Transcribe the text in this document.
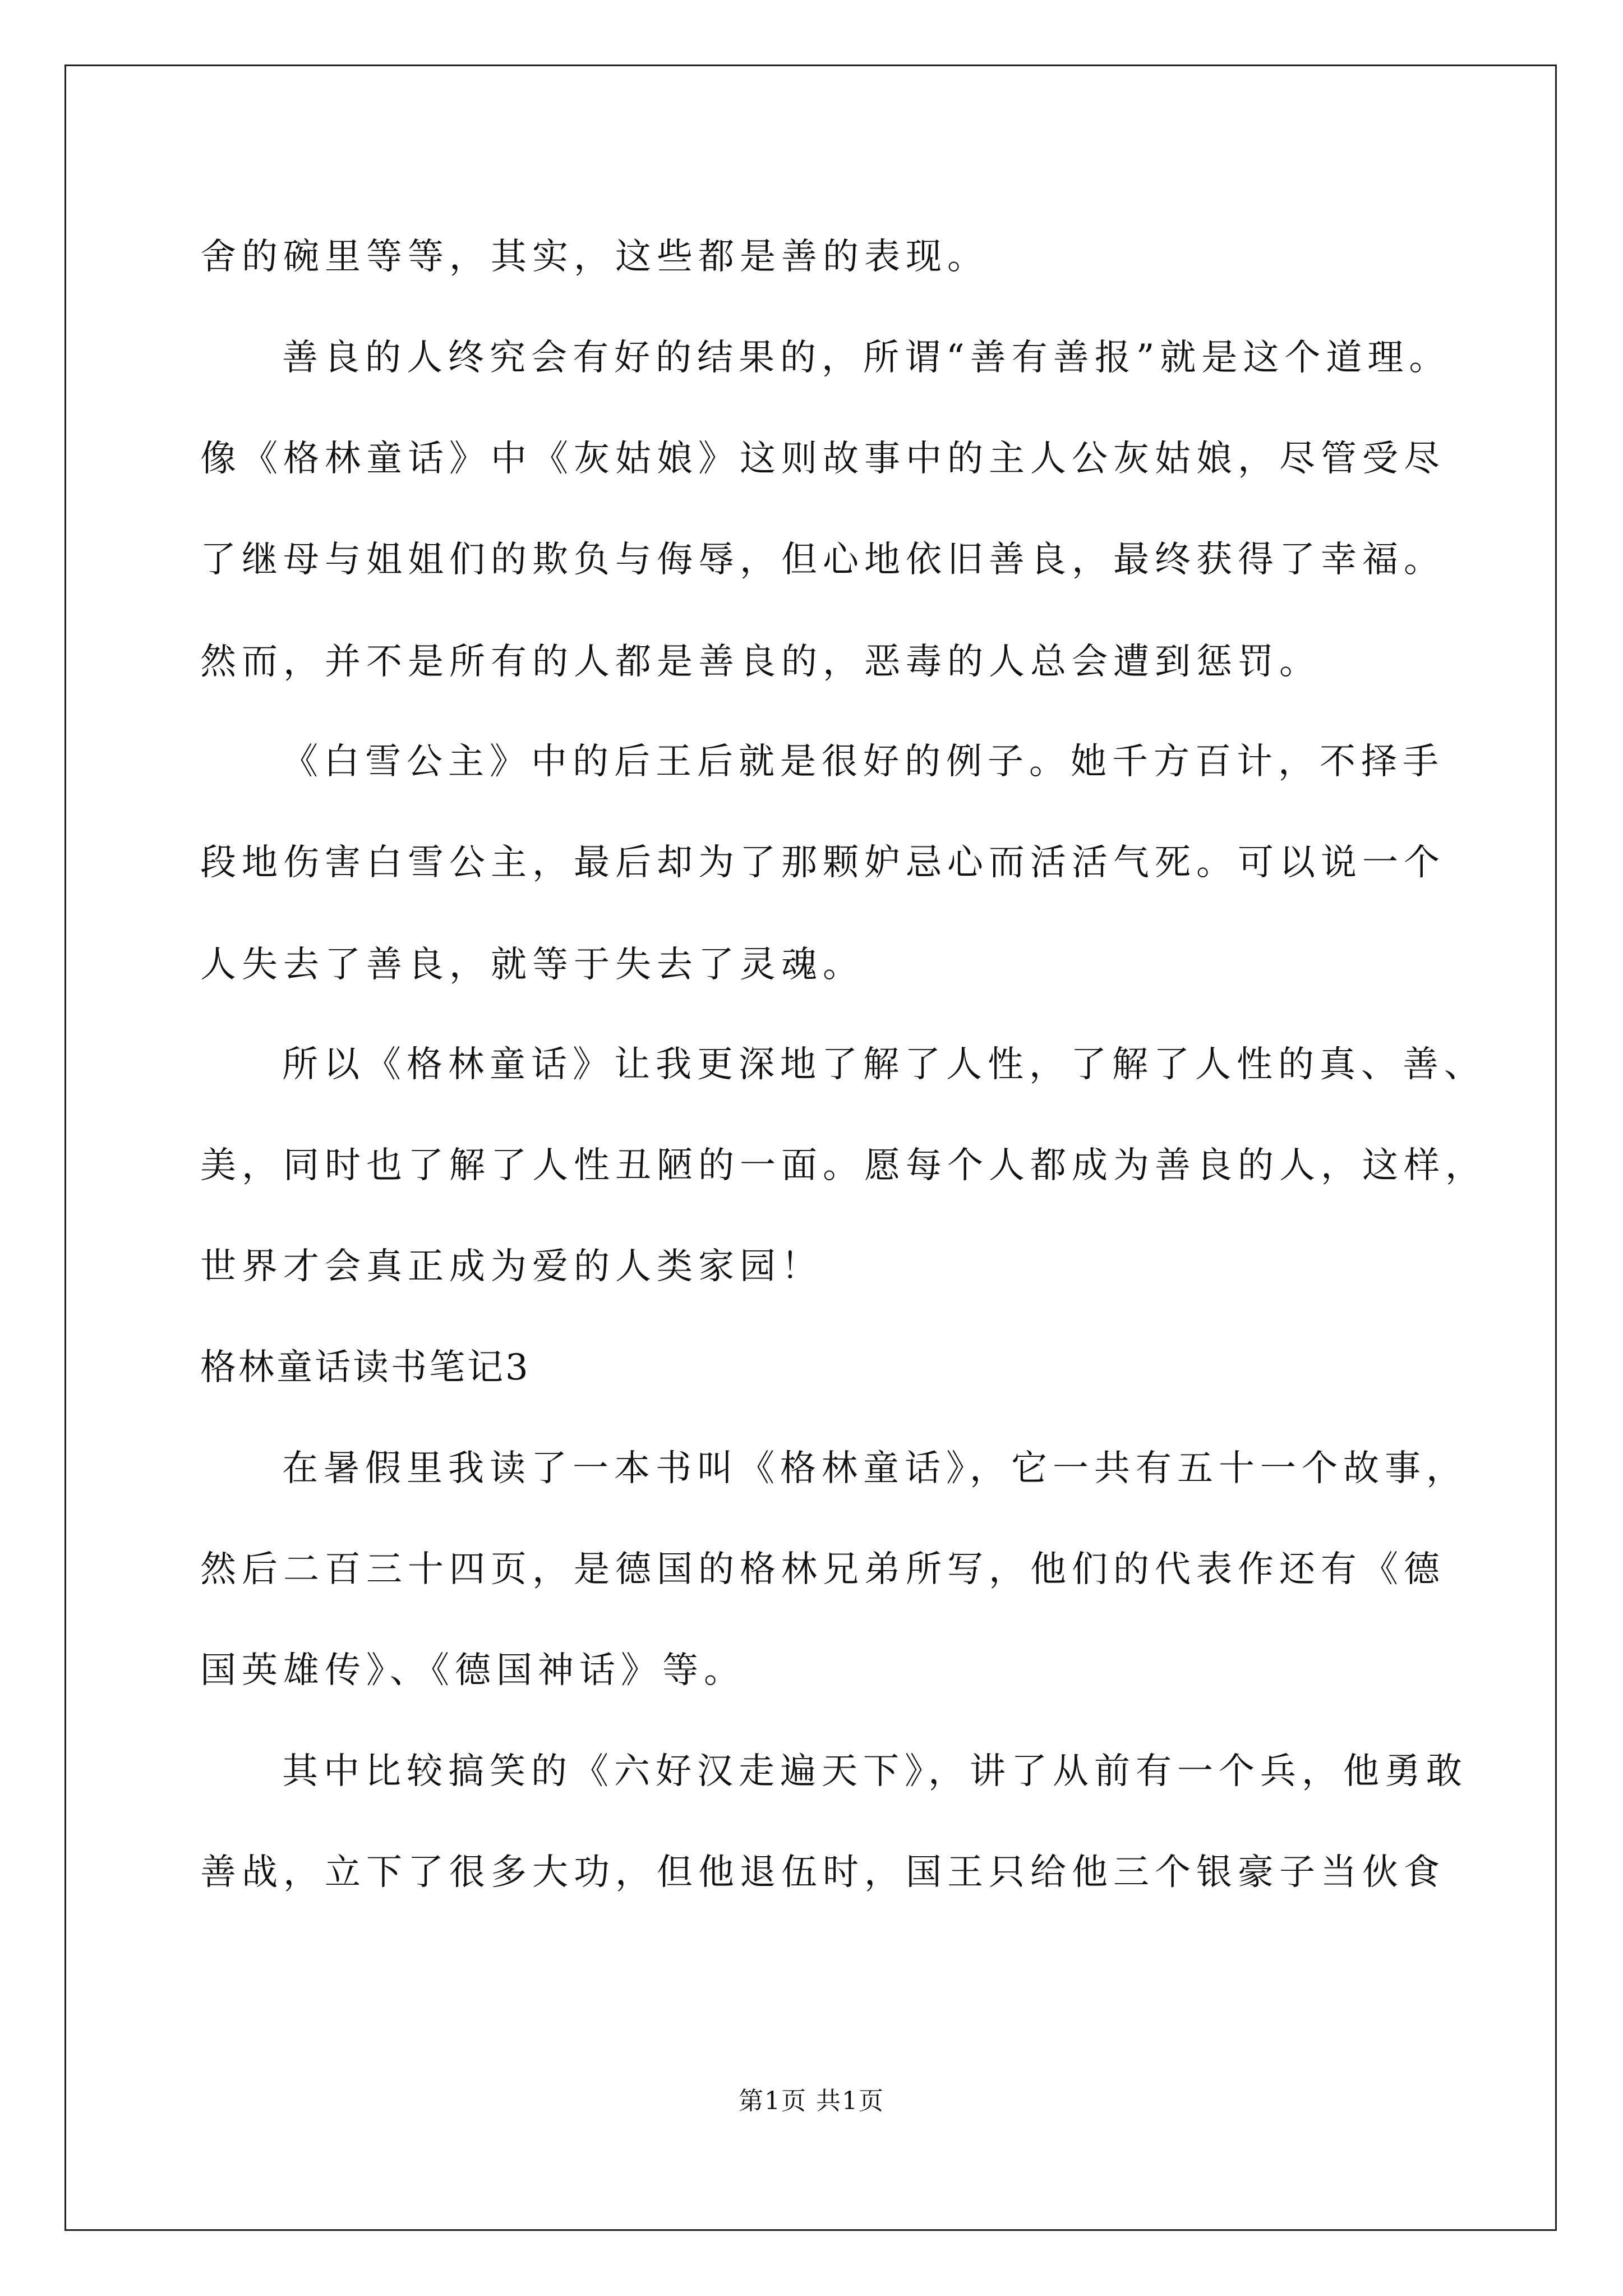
舍的碗里等等，其实，这些都是善的表现。
善良的人终究会有好的结果的，所谓“善有善报”就是这个道理。
像《格林童话》中《灰姑娘》这则故事中的主人公灰姑娘，尽管受尽
了继母与姐姐们的欺负与侮辱，但心地依旧善良，最终获得了幸福。
然而，并不是所有的人都是善良的，恶毒的人总会遭到惩罚。
《白雪公主》中的后王后就是很好的例子。她千方百计，不择手
段地伤害白雪公主，最后却为了那颗妒忌心而活活气死。可以说一个
人失去了善良，就等于失去了灵魂。
所以《格林童话》让我更深地了解了人性，了解了人性的真、善、
美，同时也了解了人性丑陋的一面。愿每个人都成为善良的人，这样，
世界才会真正成为爱的人类家园！
格林童话读书笔记3
在暑假里我读了一本书叫《格林童话》，它一共有五十一个故事，
然后二百三十四页，是德国的格林兄弟所写，他们的代表作还有《德
国英雄传》、《德国神话》等。
其中比较搞笑的《六好汉走遍天下》，讲了从前有一个兵，他勇敢
善战，立下了很多大功，但他退伍时，国王只给他三个银豪子当伙食
第1页 共1页
